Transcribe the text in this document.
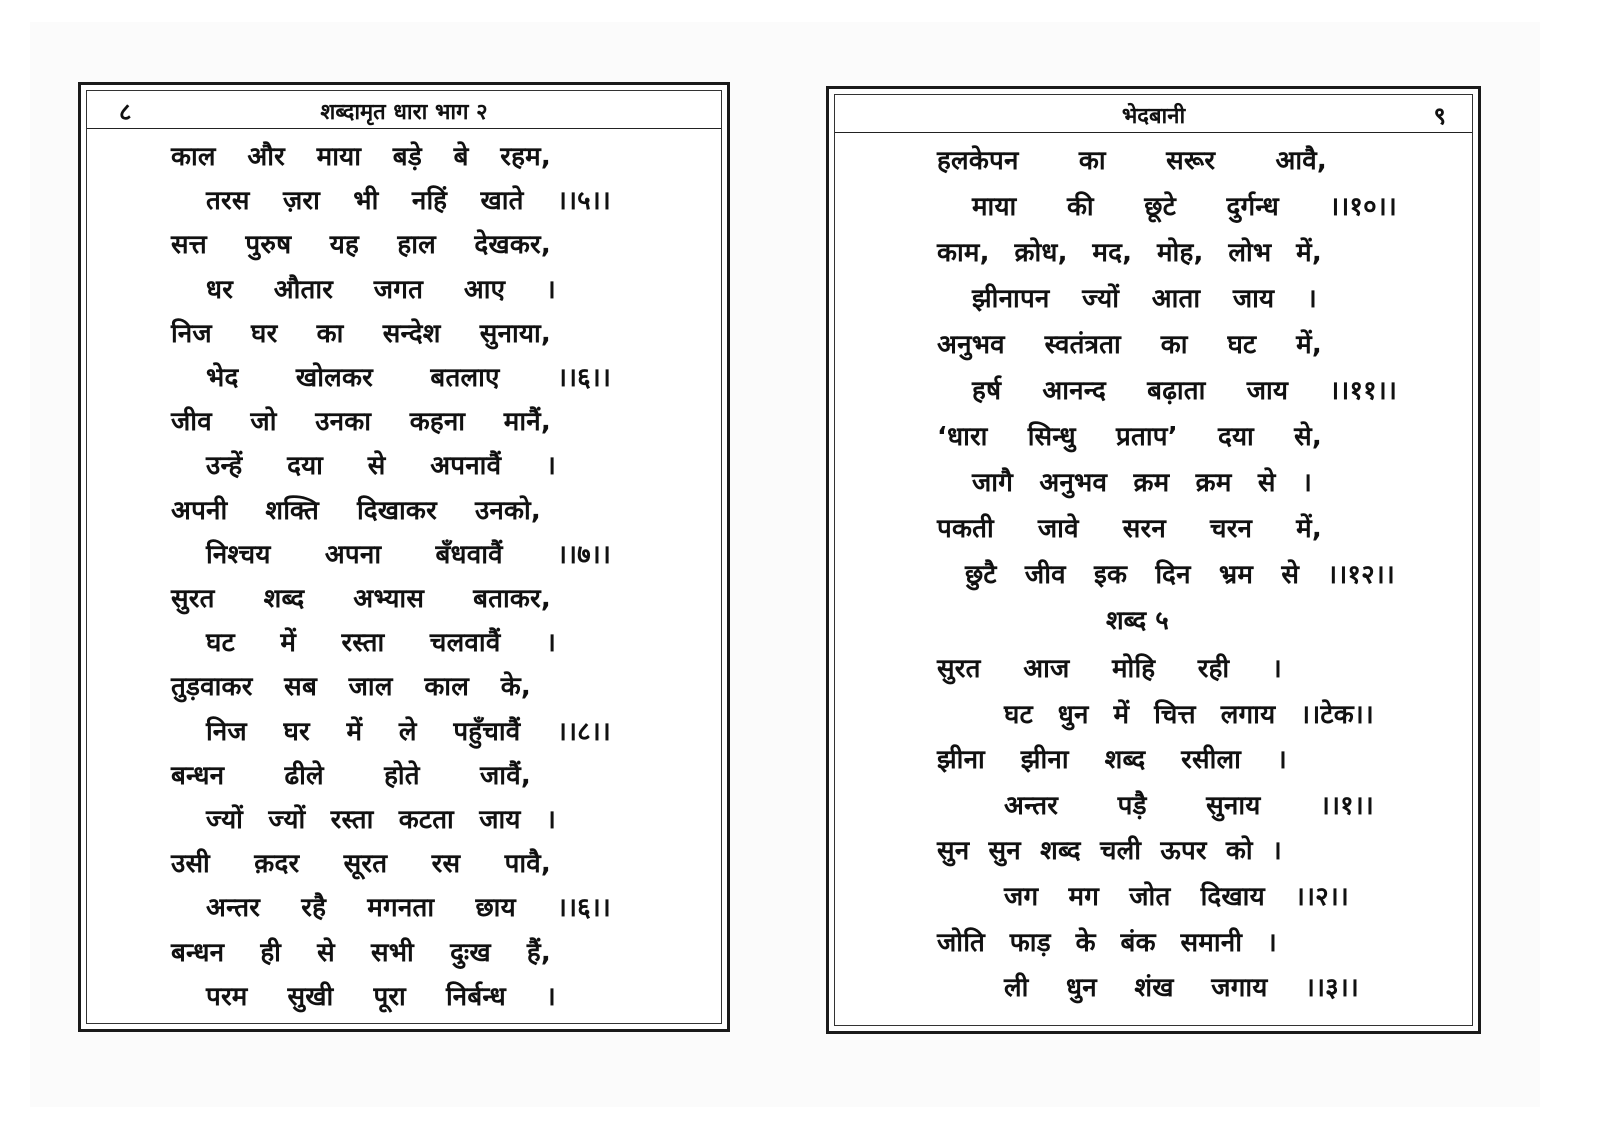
८	शब्दामृत धारा भाग २
काल और माया बड़े बे रहम,
तरस ज़रा भी नहिं खाते ।।५।।
सत्त पुरुष यह हाल देखकर,
धर औतार जगत आए ।
निज घर का सन्देश सुनाया,
भेद खोलकर बतलाए ।।६।।
जीव जो उनका कहना मानैं,
उन्हें दया से अपनावैं ।
अपनी शक्ति दिखाकर उनको,
निश्चय अपना बँधवावैं ।।७।।
सुरत शब्द अभ्यास बताकर,
घट में रस्ता चलवावैं ।
तुड़वाकर सब जाल काल के,
निज घर में ले पहुँचावैं ।।८।।
बन्धन ढीले होते जावैं,
ज्यों ज्यों रस्ता कटता जाय ।
उसी क़दर सूरत रस पावै,
अन्तर रहै मगनता छाय ।।६।।
बन्धन ही से सभी दुःख हैं,
परम सुखी पूरा निर्बन्ध ।
भेदबानी	९
हलकेपन का सरूर आवै,
माया की छूटे दुर्गन्ध ।।१०।।
काम, क्रोध, मद, मोह, लोभ में,
झीनापन ज्यों आता जाय ।
अनुभव स्वतंत्रता का घट में,
हर्ष आनन्द बढ़ाता जाय ।।११।।
‘धारा सिन्धु प्रताप’ दया से,
जागै अनुभव क्रम क्रम से ।
पकती जावे सरन चरन में,
छुटै जीव इक दिन भ्रम से ।।१२।।
शब्द ५
सुरत आज मोहि रही ।
घट धुन में चित्त लगाय ।।टेक।।
झीना झीना शब्द रसीला ।
अन्तर पड़ै सुनाय ।।१।।
सुन सुन शब्द चली ऊपर को ।
जग मग जोत दिखाय ।।२।।
जोति फाड़ के बंक समानी ।
ली धुन शंख जगाय ।।३।।
